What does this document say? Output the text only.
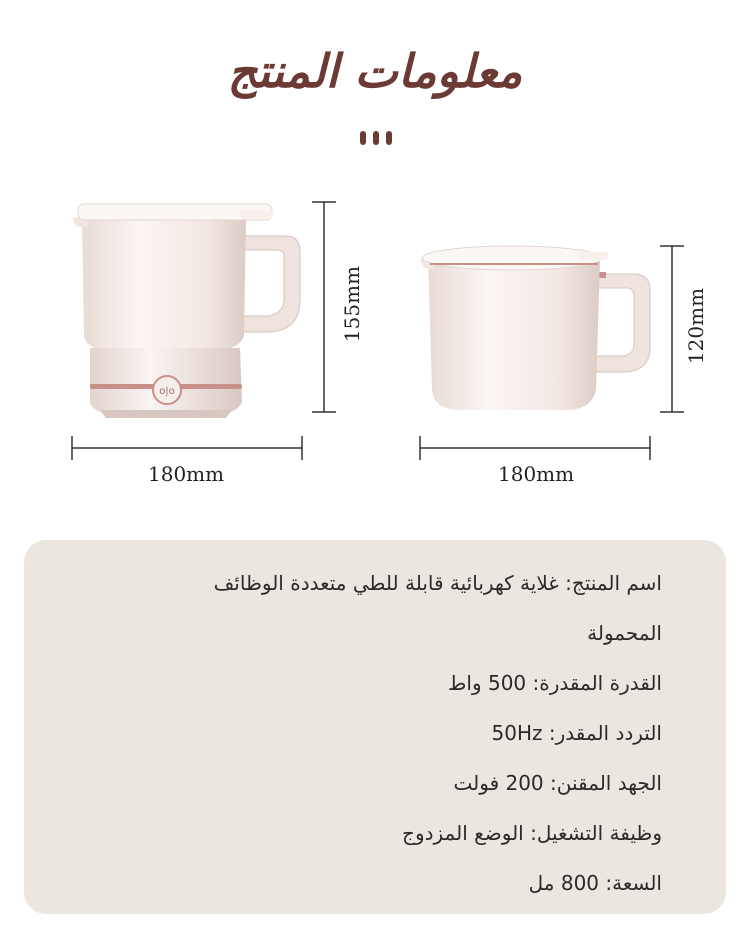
معلومات المنتج
o|o
155mm
180mm
120mm
180mm
اسم المنتج: غلاية كهربائية قابلة للطي متعددة الوظائف
المحمولة
القدرة المقدرة: 500 واط
التردد المقدر: 50Hz
الجهد المقنن: 200 فولت
وظيفة التشغيل: الوضع المزدوج
السعة: 800 مل
